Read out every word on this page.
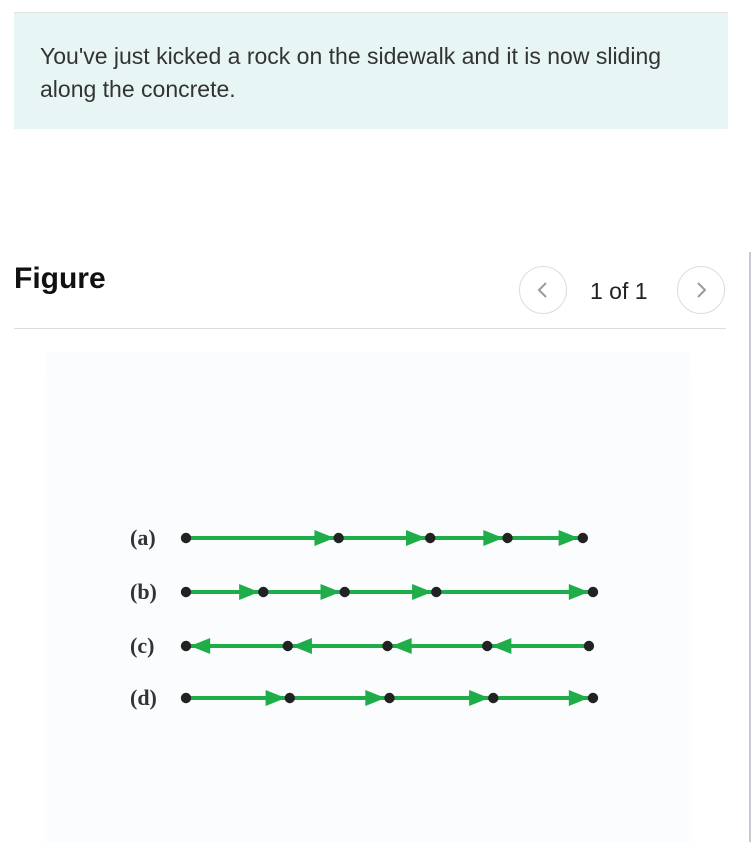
You've just kicked a rock on the sidewalk and it is now sliding along the concrete.
Figure	1 of 1
(a)
(b)
(c)
(d)
